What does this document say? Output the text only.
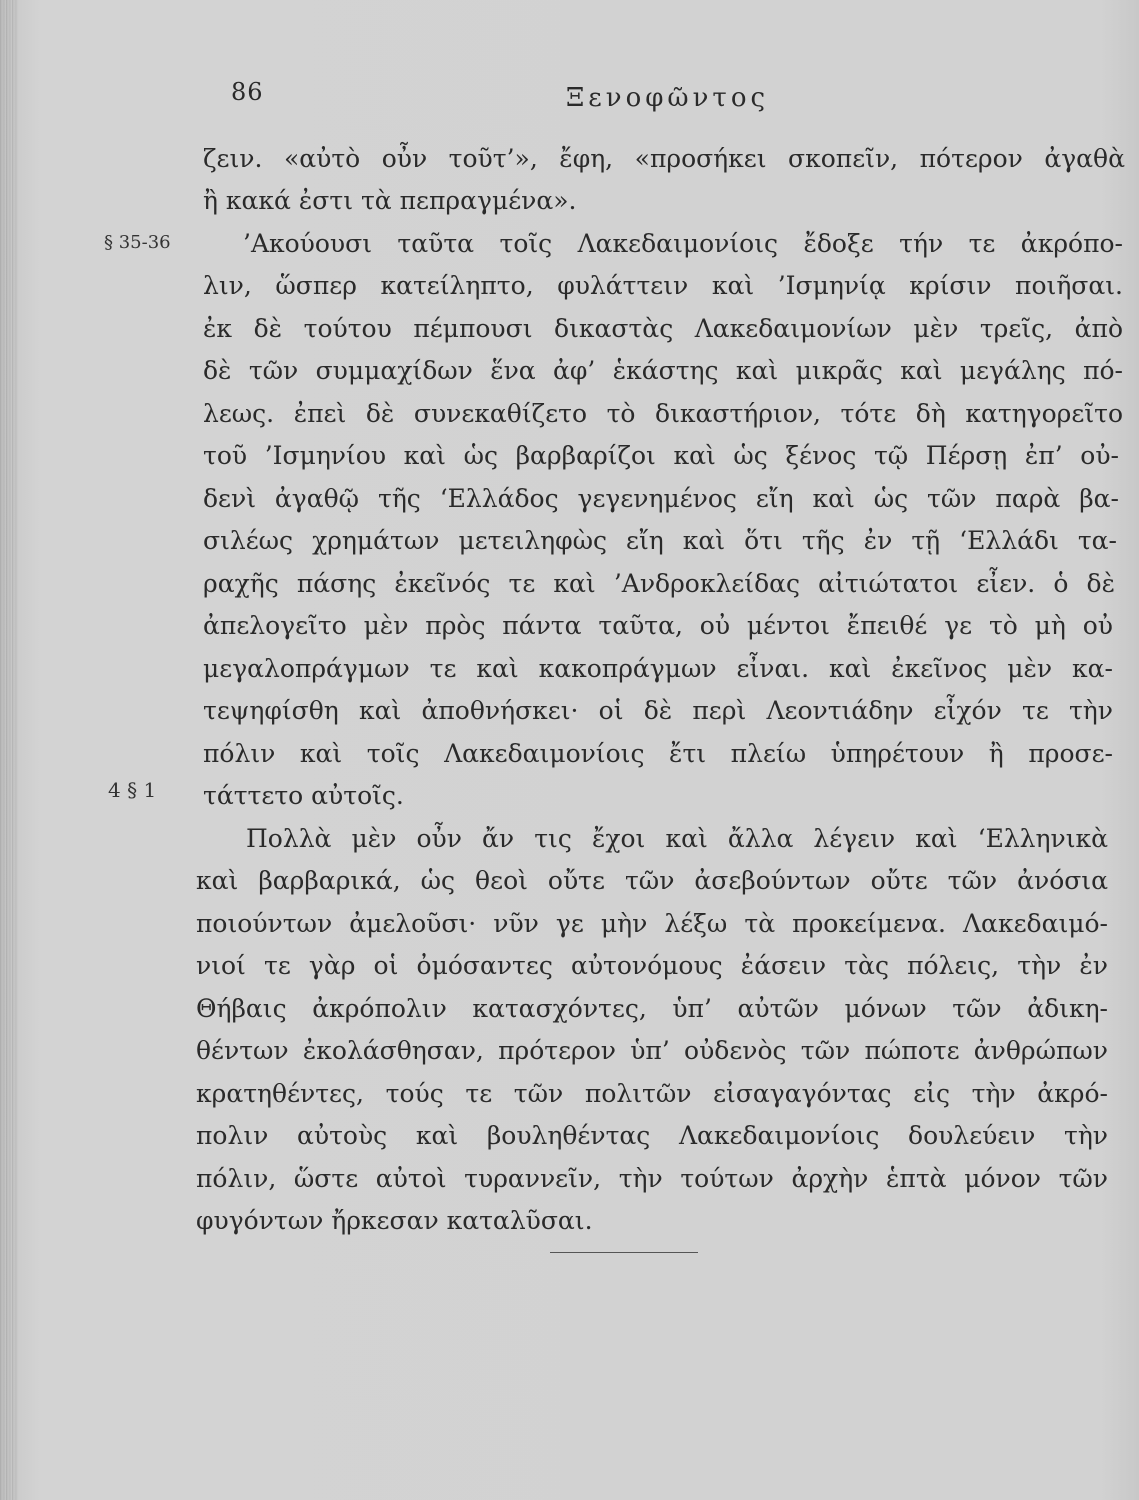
86	Ξενοφῶντος
§ 35-36
4 § 1
ζειν. «αὐτὸ οὖν τοῦτ’», ἔφη, «προσήκει σκοπεῖν, πότερον ἀγαθὰ
ἢ κακά ἐστι τὰ πεπραγμένα».
’Ακούουσι ταῦτα τοῖς Λακεδαιμονίοις ἔδοξε τήν τε ἀκρόπο-
λιν, ὥσπερ κατείληπτο, φυλάττειν καὶ ’Ισμηνίᾳ κρίσιν ποιῆσαι.
ἐκ δὲ τούτου πέμπουσι δικαστὰς Λακεδαιμονίων μὲν τρεῖς, ἀπὸ
δὲ τῶν συμμαχίδων ἕνα ἀφ’ ἑκάστης καὶ μικρᾶς καὶ μεγάλης πό-
λεως. ἐπεὶ δὲ συνεκαθίζετο τὸ δικαστήριον, τότε δὴ κατηγορεῖτο
τοῦ ’Ισμηνίου καὶ ὡς βαρβαρίζοι καὶ ὡς ξένος τῷ Πέρσῃ ἐπ’ οὐ-
δενὶ ἀγαθῷ τῆς ‘Ελλάδος γεγενημένος εἴη καὶ ὡς τῶν παρὰ βα-
σιλέως χρημάτων μετειληφὼς εἴη καὶ ὅτι τῆς ἐν τῇ ‘Ελλάδι τα-
ραχῆς πάσης ἐκεῖνός τε καὶ ’Ανδροκλείδας αἰτιώτατοι εἶεν. ὁ δὲ
ἀπελογεῖτο μὲν πρὸς πάντα ταῦτα, οὐ μέντοι ἔπειθέ γε τὸ μὴ οὐ
μεγαλοπράγμων τε καὶ κακοπράγμων εἶναι. καὶ ἐκεῖνος μὲν κα-
τεψηφίσθη καὶ ἀποθνήσκει· οἱ δὲ περὶ Λεοντιάδην εἶχόν τε τὴν
πόλιν καὶ τοῖς Λακεδαιμονίοις ἔτι πλείω ὑπηρέτουν ἢ προσε-
τάττετο αὐτοῖς.
Πολλὰ μὲν οὖν ἄν τις ἔχοι καὶ ἄλλα λέγειν καὶ ‘Ελληνικὰ
καὶ βαρβαρικά, ὡς θεοὶ οὔτε τῶν ἀσεβούντων οὔτε τῶν ἀνόσια
ποιούντων ἀμελοῦσι· νῦν γε μὴν λέξω τὰ προκείμενα. Λακεδαιμό-
νιοί τε γὰρ οἱ ὀμόσαντες αὐτονόμους ἐάσειν τὰς πόλεις, τὴν ἐν
Θήβαις ἀκρόπολιν κατασχόντες, ὑπ’ αὐτῶν μόνων τῶν ἀδικη-
θέντων ἐκολάσθησαν, πρότερον ὑπ’ οὐδενὸς τῶν πώποτε ἀνθρώπων
κρατηθέντες, τούς τε τῶν πολιτῶν εἰσαγαγόντας εἰς τὴν ἀκρό-
πολιν αὐτοὺς καὶ βουληθέντας Λακεδαιμονίοις δουλεύειν τὴν
πόλιν, ὥστε αὐτοὶ τυραννεῖν, τὴν τούτων ἀρχὴν ἑπτὰ μόνον τῶν
φυγόντων ἤρκεσαν καταλῦσαι.
